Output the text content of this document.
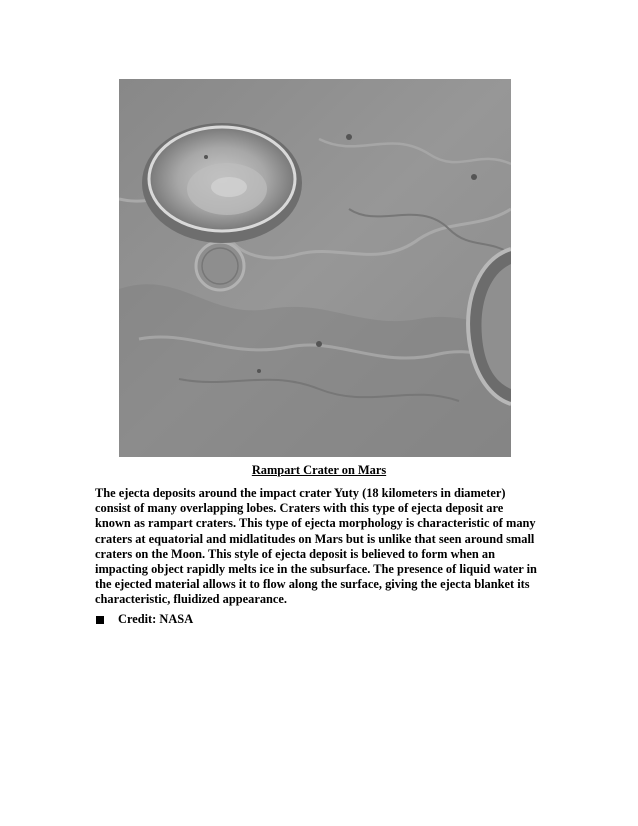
Rampart Crater on Mars
The ejecta deposits around the impact crater Yuty (18 kilometers in diameter)
consist of many overlapping lobes. Craters with this type of ejecta deposit are
known as rampart craters. This type of ejecta morphology is characteristic of many
craters at equatorial and midlatitudes on Mars but is unlike that seen around small
craters on the Moon. This style of ejecta deposit is believed to form when an
impacting object rapidly melts ice in the subsurface. The presence of liquid water in
the ejected material allows it to flow along the surface, giving the ejecta blanket its
characteristic, fluidized appearance.
Credit: NASA
